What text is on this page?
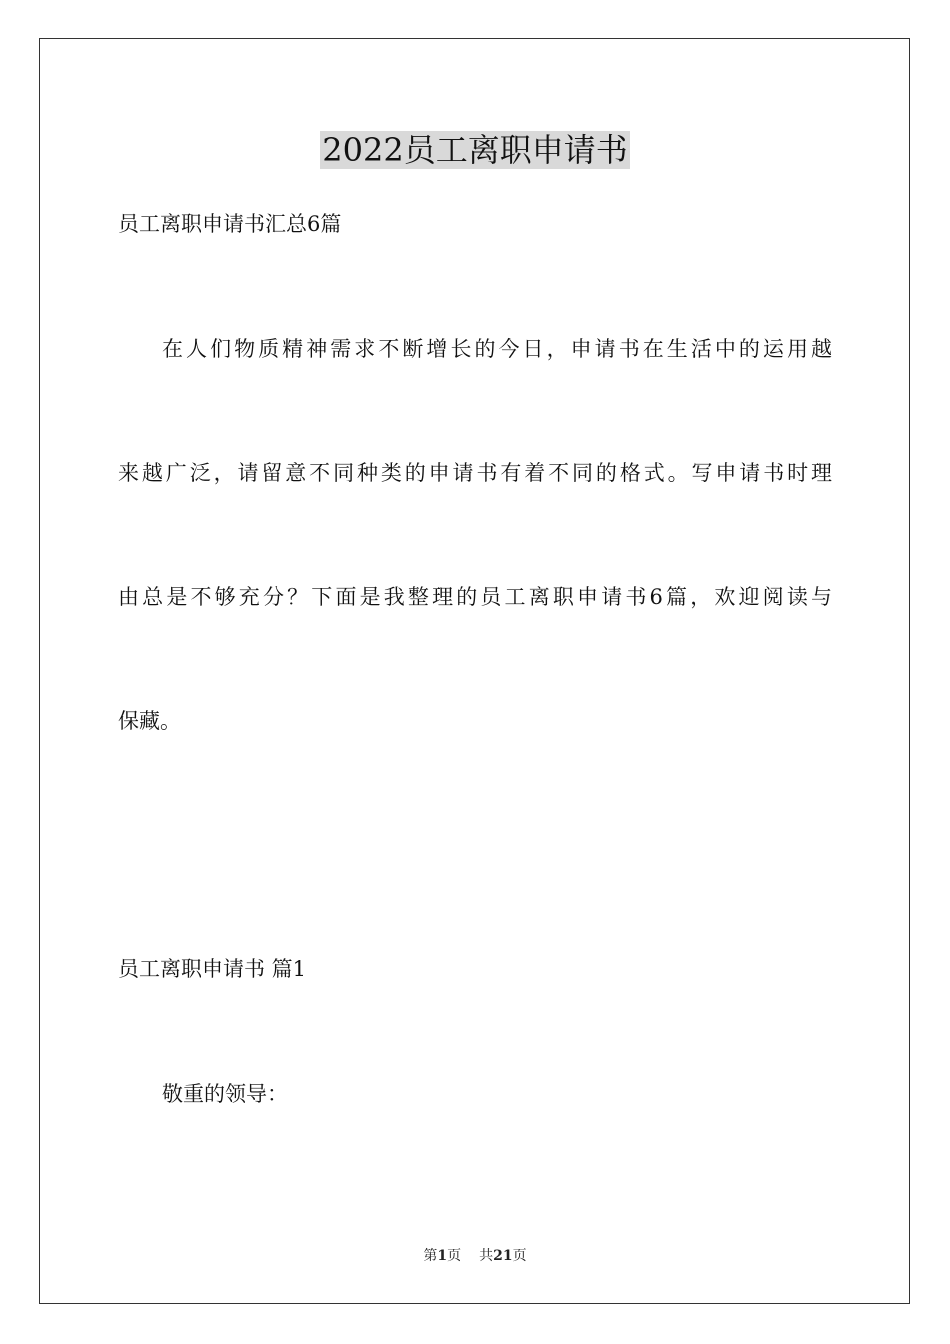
2022员工离职申请书
员工离职申请书汇总6篇
在人们物质精神需求不断增长的今日，申请书在生活中的运用越
来越广泛，请留意不同种类的申请书有着不同的格式。写申请书时理
由总是不够充分？下面是我整理的员工离职申请书6篇，欢迎阅读与
保藏。
员工离职申请书 篇1
敬重的领导：
第1页 共21页
